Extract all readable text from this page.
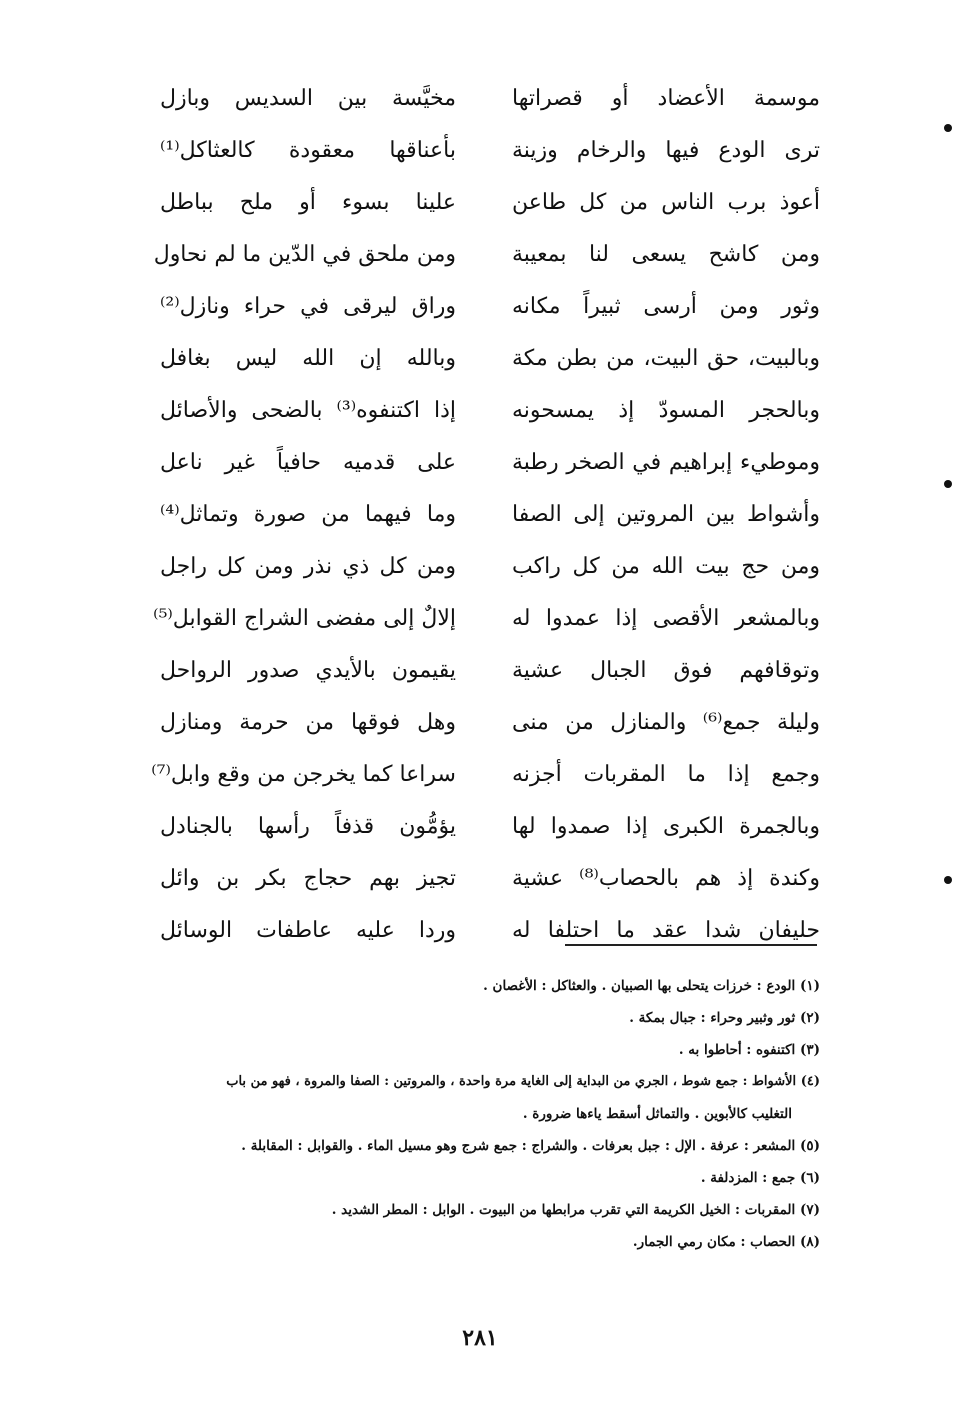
موسمة الأعضاد أو قصراتها
مخيَّسة بين السديس وبازل
ترى الودع فيها والرخام وزينة
بأعناقها معقودة كالعثاكل⁽¹⁾
أعوذ برب الناس من كل طاعن
علينا بسوء أو ملح بباطل
ومن كاشح يسعى لنا بمعيبة
ومن ملحق في الدّين ما لم نحاول
وثور ومن أرسى ثبيراً مكانه
وراق ليرقى في حراء ونازل⁽²⁾
وبالبيت، حق البيت، من بطن مكة
وبالله إن الله ليس بغافل
وبالحجر المسودّ إذ يمسحونه
إذا اكتنفوه⁽³⁾ بالضحى والأصائل
وموطيء إبراهيم في الصخر رطبة
على قدميه حافياً غير ناعل
وأشواط بين المروتين إلى الصفا
وما فيهما من صورة وتماثل⁽⁴⁾
ومن حج بيت الله من كل راكب
ومن كل ذي نذر ومن كل راجل
وبالمشعر الأقصى إذا عمدوا له
إلالٌ إلى مفضى الشراج القوابل⁽⁵⁾
وتوقافهم فوق الجبال عشية
يقيمون بالأيدي صدور الرواحل
وليلة جمع⁽⁶⁾ والمنازل من منى
وهل فوقها من حرمة ومنازل
وجمع إذا ما المقربات أجزنه
سراعا كما يخرجن من وقع وابل⁽⁷⁾
وبالجمرة الكبرى إذا صمدوا لها
يؤمُّون قذفاً رأسها بالجنادل
وكندة إذ هم بالحصاب⁽⁸⁾ عشية
تجيز بهم حجاج بكر بن وائل
حليفان شدا عقد ما احتلفا له
وردا عليه عاطفات الوسائل
(١) الودع : خرزات يتحلى بها الصبيان . والعثاكل : الأغصان .
(٢) ثور وثبير وحراء : جبال بمكة .
(٣) اكتنفوه : أحاطوا به .
(٤) الأشواط : جمع شوط ، الجري من البداية إلى الغاية مرة واحدة ، والمروتين : الصفا والمروة ، فهو من باب
التغليب كالأبوين . والتماثل أسقط ياءها ضرورة .
(٥) المشعر : عرفة . الإل : جبل بعرفات . والشراج : جمع شرج وهو مسيل الماء . والقوابل : المقابلة .
(٦) جمع : المزدلفة .
(٧) المقربات : الخيل الكريمة التي تقرب مرابطها من البيوت . الوابل : المطر الشديد .
(٨) الحصاب : مكان رمي الجمار.
٢٨١
